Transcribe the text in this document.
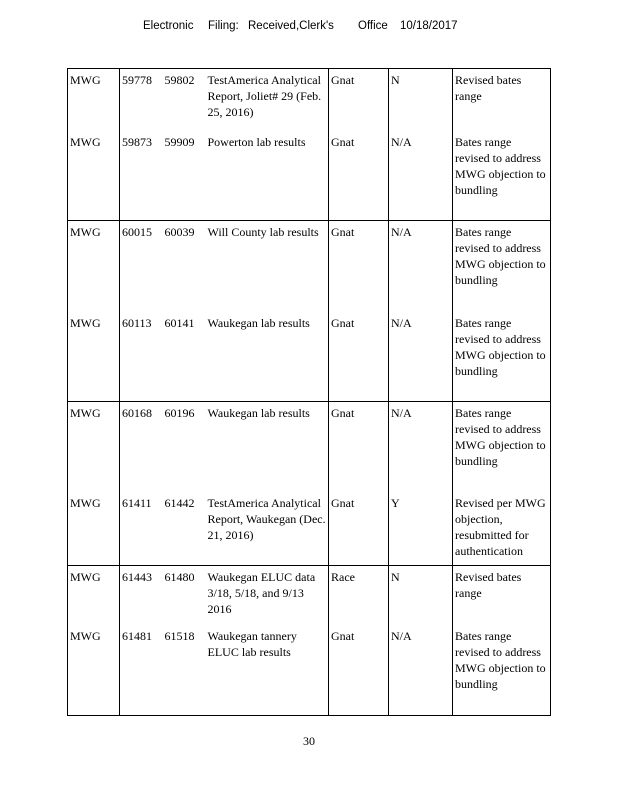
Electronic Filing: Received,Clerk's Office 10/18/2017
MWG	59778	59802	TestAmerica Analytical Report, Joliet# 29 (Feb. 25, 2016)	Gnat	N	Revised bates range
MWG	59873	59909	Powerton lab results	Gnat	N/A	Bates range revised to address MWG objection to bundling
MWG	60015	60039	Will County lab results	Gnat	N/A	Bates range revised to address MWG objection to bundling
MWG	60113	60141	Waukegan lab results	Gnat	N/A	Bates range revised to address MWG objection to bundling
MWG	60168	60196	Waukegan lab results	Gnat	N/A	Bates range revised to address MWG objection to bundling
MWG	61411	61442	TestAmerica Analytical Report, Waukegan (Dec. 21, 2016)	Gnat	Y	Revised per MWG objection, resubmitted for authentication
MWG	61443	61480	Waukegan ELUC data 3/18, 5/18, and 9/13 2016	Race	N	Revised bates range
MWG	61481	61518	Waukegan tannery ELUC lab results	Gnat	N/A	Bates range revised to address MWG objection to bundling
30
